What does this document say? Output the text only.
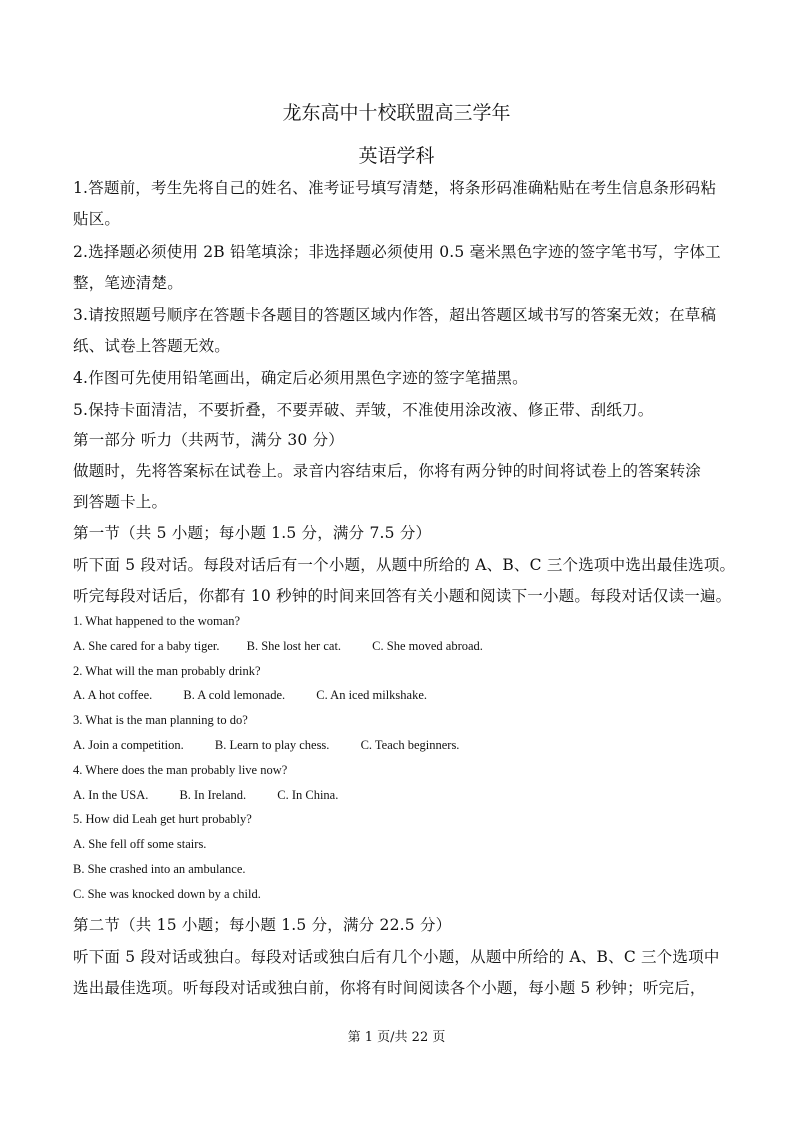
龙东高中十校联盟高三学年
英语学科
1.答题前，考生先将自己的姓名、准考证号填写清楚，将条形码准确粘贴在考生信息条形码粘
贴区。
2.选择题必须使用 2B 铅笔填涂；非选择题必须使用 0.5 毫米黑色字迹的签字笔书写，字体工
整，笔迹清楚。
3.请按照题号顺序在答题卡各题目的答题区域内作答，超出答题区域书写的答案无效；在草稿
纸、试卷上答题无效。
4.作图可先使用铅笔画出，确定后必须用黑色字迹的签字笔描黑。
5.保持卡面清洁，不要折叠，不要弄破、弄皱，不准使用涂改液、修正带、刮纸刀。
第一部分 听力（共两节，满分 30 分）
做题时，先将答案标在试卷上。录音内容结束后，你将有两分钟的时间将试卷上的答案转涂
到答题卡上。
第一节（共 5 小题；每小题 1.5 分，满分 7.5 分）
听下面 5 段对话。每段对话后有一个小题，从题中所给的 A、B、C 三个选项中选出最佳选项。
听完每段对话后，你都有 10 秒钟的时间来回答有关小题和阅读下一小题。每段对话仅读一遍。
1. What happened to the woman?
A. She cared for a baby tiger. B. She lost her cat. C. She moved abroad.
2. What will the man probably drink?
A. A hot coffee. B. A cold lemonade. C. An iced milkshake.
3. What is the man planning to do?
A. Join a competition. B. Learn to play chess. C. Teach beginners.
4. Where does the man probably live now?
A. In the USA. B. In Ireland. C. In China.
5. How did Leah get hurt probably?
A. She fell off some stairs.
B. She crashed into an ambulance.
C. She was knocked down by a child.
第二节（共 15 小题；每小题 1.5 分，满分 22.5 分）
听下面 5 段对话或独白。每段对话或独白后有几个小题，从题中所给的 A、B、C 三个选项中
选出最佳选项。听每段对话或独白前，你将有时间阅读各个小题，每小题 5 秒钟；听完后，
第 1 页/共 22 页
